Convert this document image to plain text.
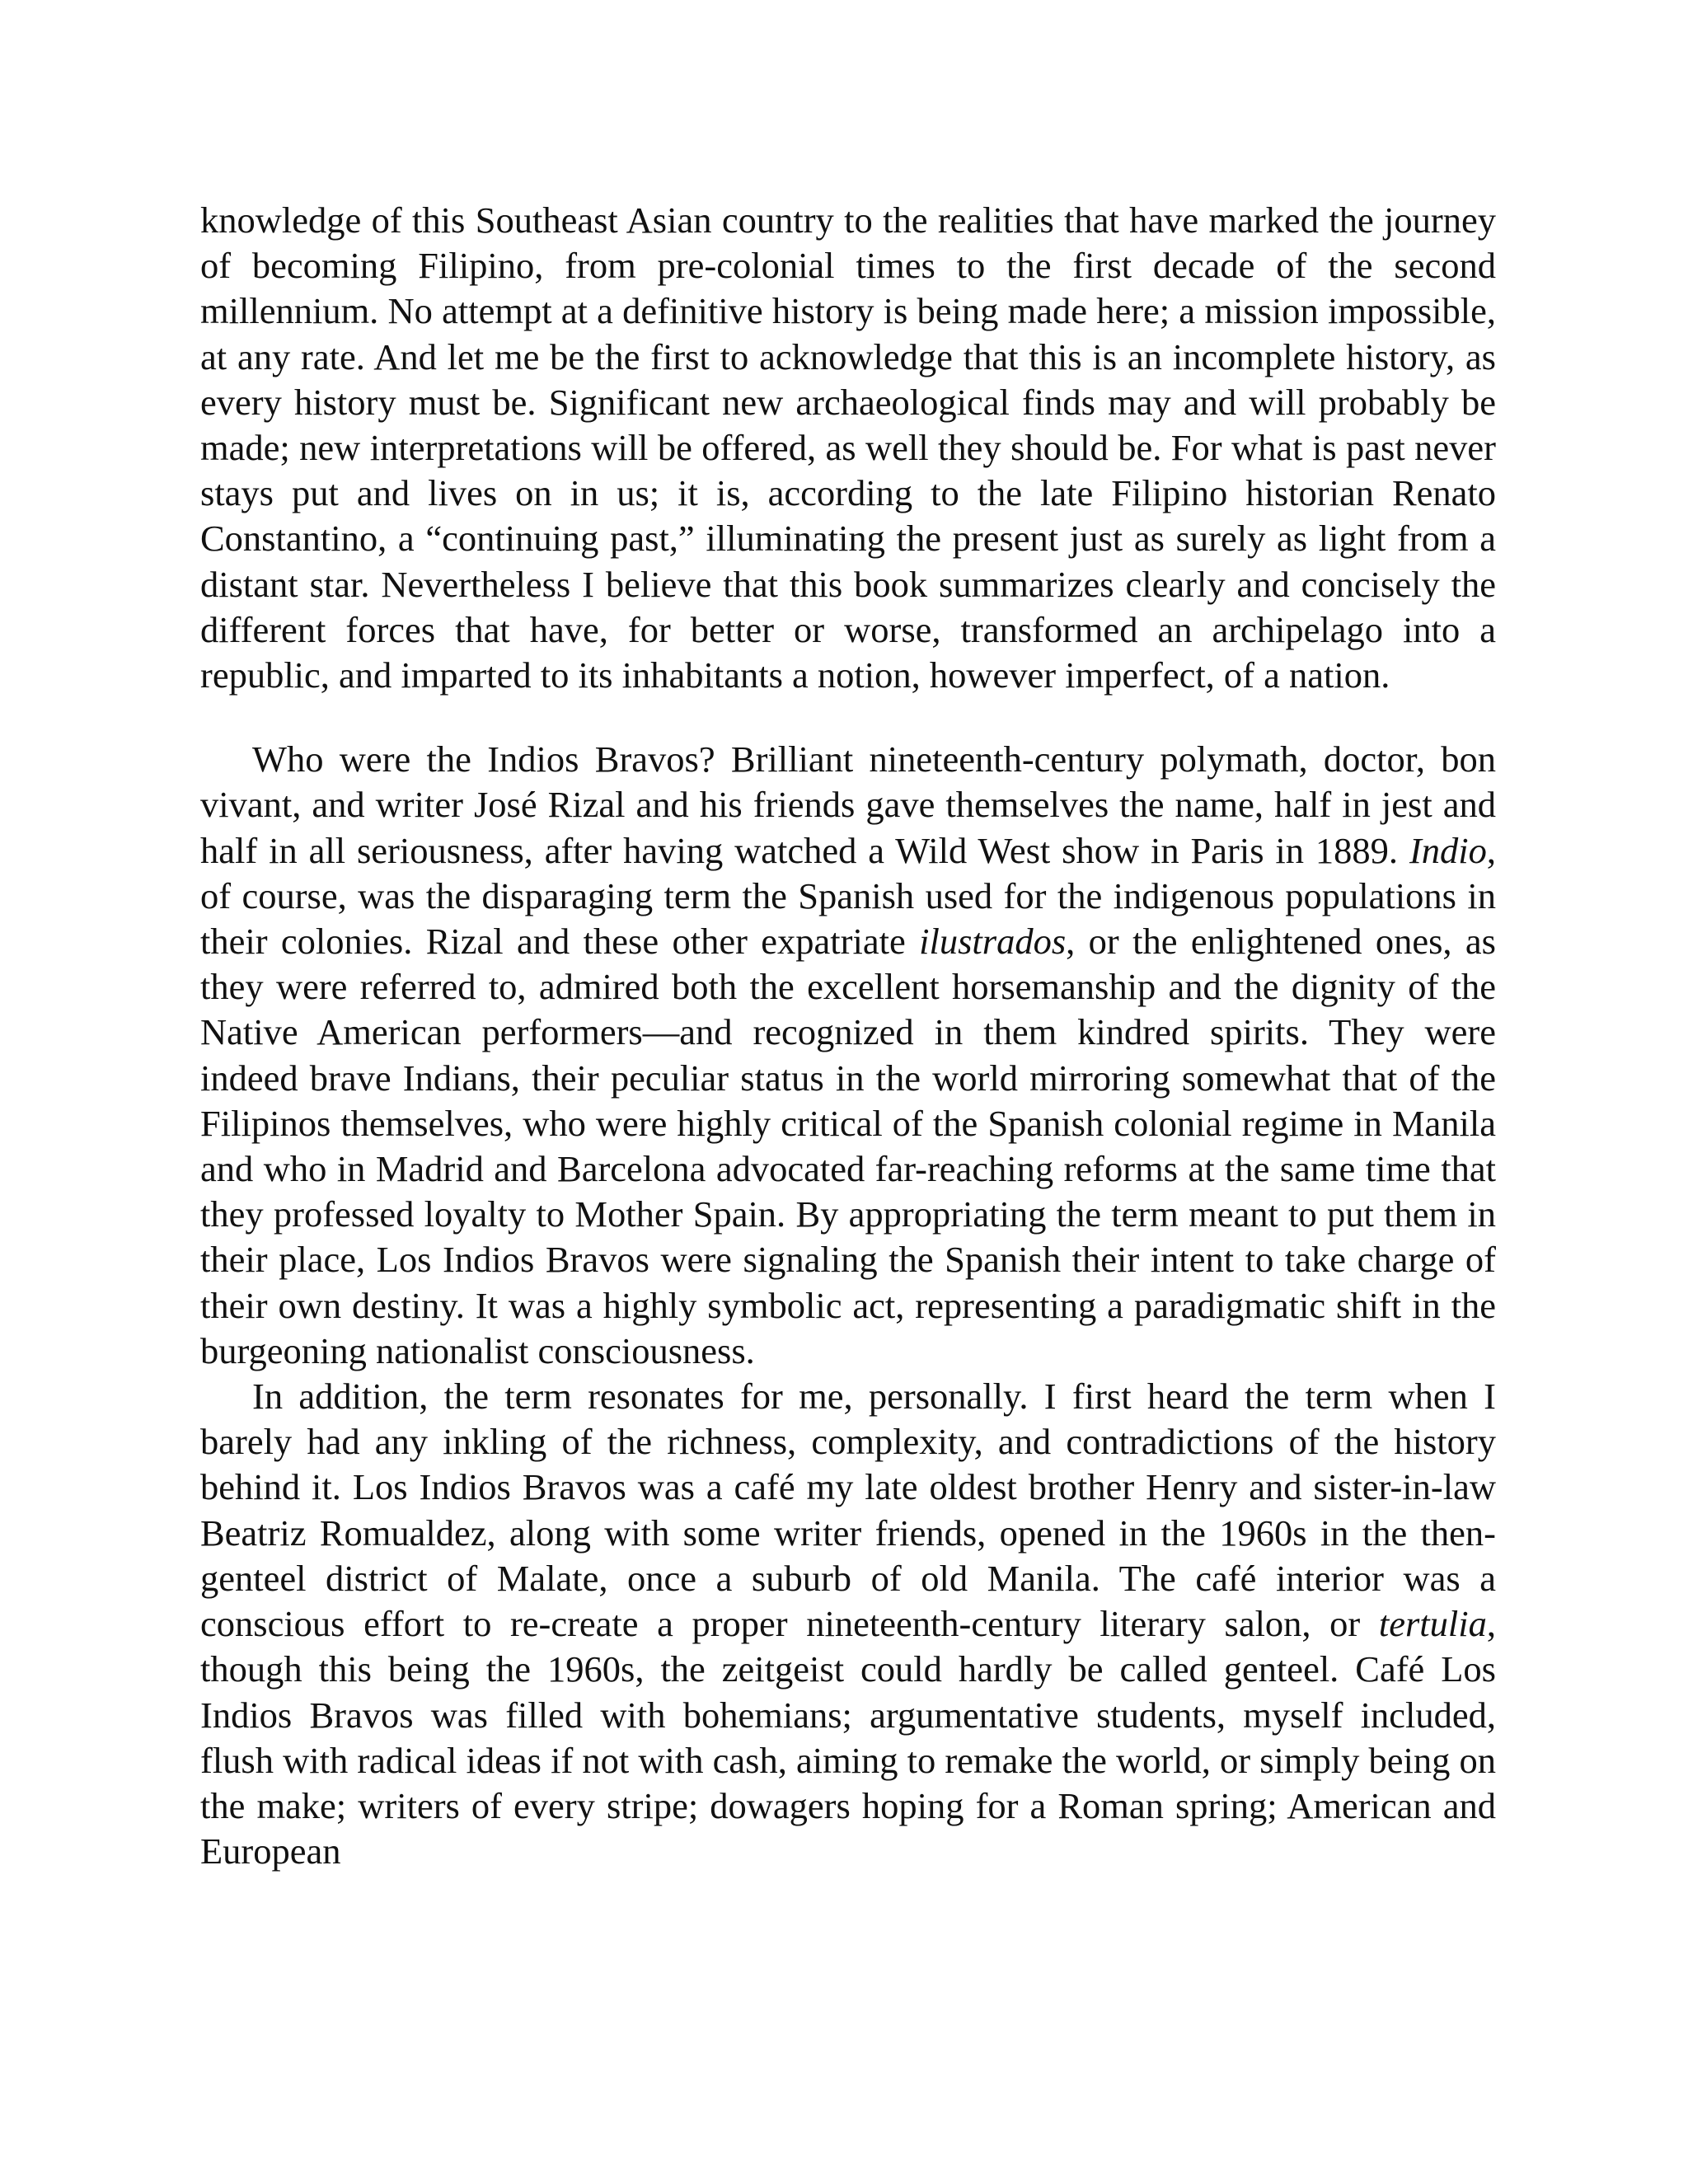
knowledge of this Southeast Asian country to the realities that have marked the journey of becoming Filipino, from pre-colonial times to the first decade of the second millennium. No attempt at a definitive history is being made here; a mission impossible, at any rate. And let me be the first to acknowledge that this is an incomplete history, as every history must be. Significant new archaeological finds may and will probably be made; new interpretations will be offered, as well they should be. For what is past never stays put and lives on in us; it is, according to the late Filipino historian Renato Constantino, a “continuing past,” illuminating the present just as surely as light from a distant star. Nevertheless I believe that this book summarizes clearly and concisely the different forces that have, for better or worse, transformed an archipelago into a republic, and imparted to its inhabitants a notion, however imperfect, of a nation.

Who were the Indios Bravos? Brilliant nineteenth-century polymath, doctor, bon vivant, and writer José Rizal and his friends gave themselves the name, half in jest and half in all seriousness, after having watched a Wild West show in Paris in 1889. Indio, of course, was the disparaging term the Spanish used for the indigenous populations in their colonies. Rizal and these other expatriate ilustrados, or the enlightened ones, as they were referred to, admired both the excellent horsemanship and the dignity of the Native American performers—and recognized in them kindred spirits. They were indeed brave Indians, their peculiar status in the world mirroring somewhat that of the Filipinos themselves, who were highly critical of the Spanish colonial regime in Manila and who in Madrid and Barcelona advocated far-reaching reforms at the same time that they professed loyalty to Mother Spain. By appropriating the term meant to put them in their place, Los Indios Bravos were signaling the Spanish their intent to take charge of their own destiny. It was a highly symbolic act, representing a paradigmatic shift in the burgeoning nationalist consciousness.

In addition, the term resonates for me, personally. I first heard the term when I barely had any inkling of the richness, complexity, and contradictions of the history behind it. Los Indios Bravos was a café my late oldest brother Henry and sister-in-law Beatriz Romualdez, along with some writer friends, opened in the 1960s in the then-genteel district of Malate, once a suburb of old Manila. The café interior was a conscious effort to re-create a proper nineteenth-century literary salon, or tertulia, though this being the 1960s, the zeitgeist could hardly be called genteel. Café Los Indios Bravos was filled with bohemians; argumentative students, myself included, flush with radical ideas if not with cash, aiming to remake the world, or simply being on the make; writers of every stripe; dowagers hoping for a Roman spring; American and European
